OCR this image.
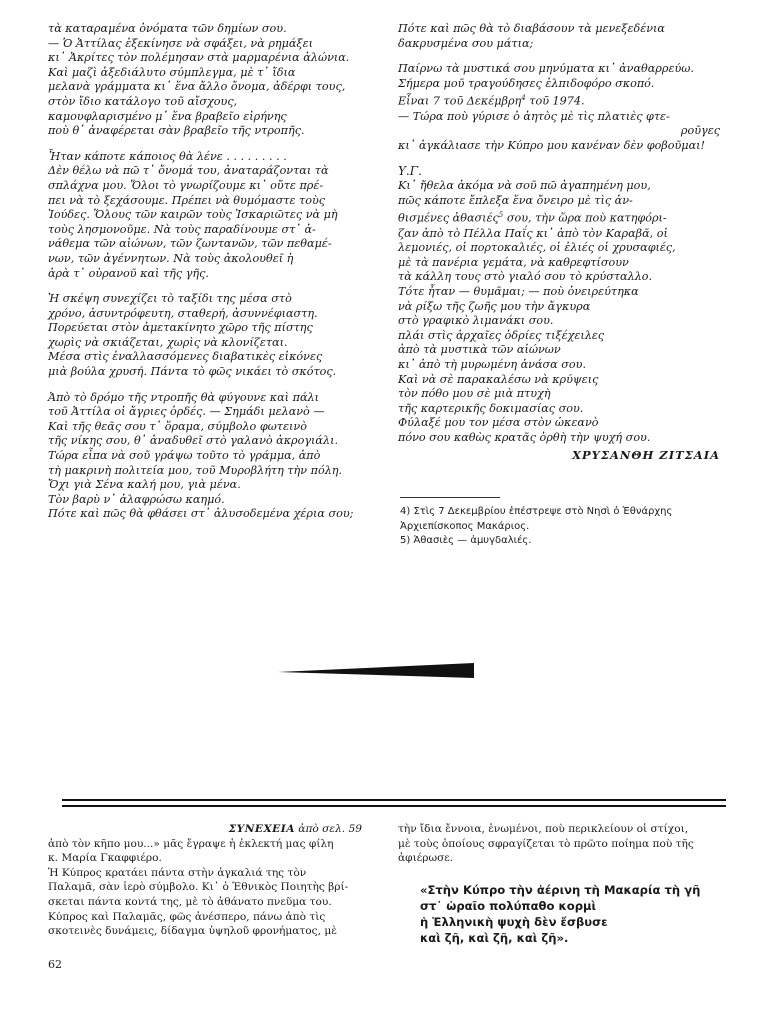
τὰ καταραμένα ὀνόματα τῶν δημίων σου.

— Ὁ Ἀττίλας ἐξεκίνησε νὰ σφάξει, νὰ ρημάξει

κι᾿ Ἀκρίτες τὸν πολέμησαν στὰ μαρμαρένια ἁλώνια.

Καὶ μαζὶ ἀξεδιάλυτο σύμπλεγμα, μὲ τ᾿ ἴδια

μελανὰ γράμματα κι᾿ ἕνα ἄλλο ὄνομα, ἀδέρφι τους,

στὸν ἴδιο κατάλογο τοῦ αἴσχους,

καμουφλαρισμένο μ᾿ ἕνα βραβεῖο εἰρήνης

ποὺ θ᾿ ἀναφέρεται σὰν βραβεῖο τῆς ντροπῆς.

Ἦταν κάποτε κάποιος θὰ λένε . . . . . . . . .

Δὲν θέλω νὰ πῶ τ᾿ ὄνομά του, ἀναταράζονται τὰ

σπλάχνα μου. Ὅλοι τὸ γνωρίζουμε κι᾿ οὔτε πρέ-

πει νὰ τὸ ξεχάσουμε. Πρέπει νὰ θυμόμαστε τοὺς

Ἰούδες. Ὅλους τῶν καιρῶν τοὺς Ἰσκαριῶτες νὰ μὴ

τοὺς λησμονοῦμε. Νὰ τοὺς παραδίνουμε στ᾿ ἀ-

νάθεμα τῶν αἰώνων, τῶν ζωντανῶν, τῶν πεθαμέ-

νων, τῶν ἀγέννητων. Νὰ τοὺς ἀκολουθεῖ ἡ

ἀρὰ τ᾿ οὐρανοῦ καὶ τῆς γῆς.

Ἡ σκέψη συνεχίζει τὸ ταξίδι της μέσα στὸ

χρόνο, ἀσυντρόφευτη, σταθερή, ἀσυννέφιαστη.

Πορεύεται στὸν ἀμετακίνητο χῶρο τῆς πίστης

χωρὶς νὰ σκιάζεται, χωρὶς νὰ κλονίζεται.

Μέσα στὶς ἐναλλασσόμενες διαβατικὲς εἰκόνες

μιὰ βούλα χρυσή. Πάντα τὸ φῶς νικάει τὸ σκότος.

Ἀπὸ τὸ δρόμο τῆς ντροπῆς θὰ φύγουνε καὶ πάλι

τοῦ Ἀττίλα οἱ ἄγριες ὀρδές. — Σημάδι μελανὸ —

Καὶ τῆς θεᾶς σου τ᾿ ὅραμα, σύμβολο φωτεινὸ

τῆς νίκης σου, θ᾿ ἀναδυθεῖ στὸ γαλανὸ ἀκρογιάλι.

Τώρα εἶπα νὰ σοῦ γράψω τοῦτο τὸ γράμμα, ἀπὸ

τὴ μακρινὴ πολιτεία μου, τοῦ Μυροβλήτη τὴν πόλη.

Ὄχι γιὰ Σένα καλή μου, γιὰ μένα.

Τὸν βαρὺ ν᾿ ἀλαφρώσω καημό.

Πότε καὶ πῶς θὰ φθάσει στ᾿ ἀλυσοδεμένα χέρια σου;

Πότε καὶ πῶς θὰ τὸ διαβάσουν τὰ μενεξεδένια

δακρυσμένα σου μάτια;

Παίρνω τὰ μυστικά σου μηνύματα κι᾿ ἀναθαρρεύω.

Σήμερα μοῦ τραγούδησες ἐλπιδοφόρο σκοπό.

Εἶναι 7 τοῦ Δεκέμβρη$^4$ τοῦ 1974.

— Τώρα ποὺ γύρισε ὁ ἀητὸς μὲ τὶς πλατιὲς φτε-

ροῦγες

κι᾿ ἀγκάλιασε τὴν Κύπρο μου κανέναν δὲν φοβοῦμαι!

Υ.Γ.

Κι᾿ ἤθελα ἀκόμα νὰ σοῦ πῶ ἀγαπημένη μου,

πῶς κάποτε ἔπλεξα ἕνα ὄνειρο μὲ τὶς ἀν-

θισμένες ἀθασιές$^5$ σου, τὴν ὥρα ποὺ κατηφόρι-

ζαν ἀπὸ τὸ Πέλλα Παΐς κι᾿ ἀπὸ τὸν Καραβᾶ, οἱ

λεμονιές, οἱ πορτοκαλιές, οἱ ἐλιές οἱ χρυσαφιές,

μὲ τὰ πανέρια γεμάτα, νὰ καθρεφτίσουν

τὰ κάλλη τους στὸ γιαλό σου τὸ κρύσταλλο.

Τότε ἦταν — θυμᾶμαι; — ποὺ ὀνειρεύτηκα

νὰ ρίξω τῆς ζωῆς μου τὴν ἄγκυρα

στὸ γραφικὸ λιμανάκι σου.

πλάι στὶς ἀρχαῖες ὁδρίες τιξέχειλες

ἀπὸ τὰ μυστικὰ τῶν αἰώνων

κι᾿ ἀπὸ τὴ μυρωμένη ἀνάσα σου.

Καὶ νὰ σὲ παρακαλέσω νὰ κρύψεις

τὸν πόθο μου σὲ μιὰ πτυχὴ

τῆς καρτερικῆς δοκιμασίας σου.

Φύλαξέ μου τον μέσα στὸν ὠκεανὸ

πόνο σου καθὼς κρατᾶς ὀρθὴ τὴν ψυχή σου.

ΧΡΥΣΑΝΘΗ ΖΙΤΣΑΙΑ

4) Στὶς 7 Δεκεμβρίου ἐπέστρεψε στὸ Νησὶ ὁ Ἐθνάρχης

Ἀρχιεπίσκοπος Μακάριος.

5) Ἀθασιὲς — ἀμυγδαλιές.

ΣΥΝΕΧΕΙΑ ἀπὸ σελ. 59

ἀπὸ τὸν κῆπο μου...» μᾶς ἔγραψε ἡ ἐκλεκτή μας φίλη

κ. Μαρία Γκαφφιέρο.

Ἡ Κύπρος κρατάει πάντα στὴν ἀγκαλιά της τὸν

Παλαμᾶ, σὰν ἱερὸ σύμβολο. Κι᾿ ὁ Ἐθνικὸς Ποιητὴς βρί-

σκεται πάντα κοντά της, μὲ τὸ ἀθάνατο πνεῦμα του.

Κύπρος καὶ Παλαμᾶς, φῶς ἀνέσπερο, πάνω ἀπὸ τὶς

σκοτεινὲς δυνάμεις, δίδαγμα ὑψηλοῦ φρονήματος, μὲ

τὴν ἴδια ἔννοια, ἑνωμένοι, ποὺ περικλείουν οἱ στίχοι,

μὲ τοὺς ὁποίους σφραγίζεται τὸ πρῶτο ποίημα ποὺ τῆς

ἀφιέρωσε.

«Στὴν Κύπρο τὴν ἀέρινη τὴ Μακαρία τὴ γῆ

στ᾿ ὡραῖο πολύπαθο κορμὶ

ἡ Ἑλληνικὴ ψυχὴ δὲν ἔσβυσε

καὶ ζῆ, καὶ ζῆ, καὶ ζῆ».

62
